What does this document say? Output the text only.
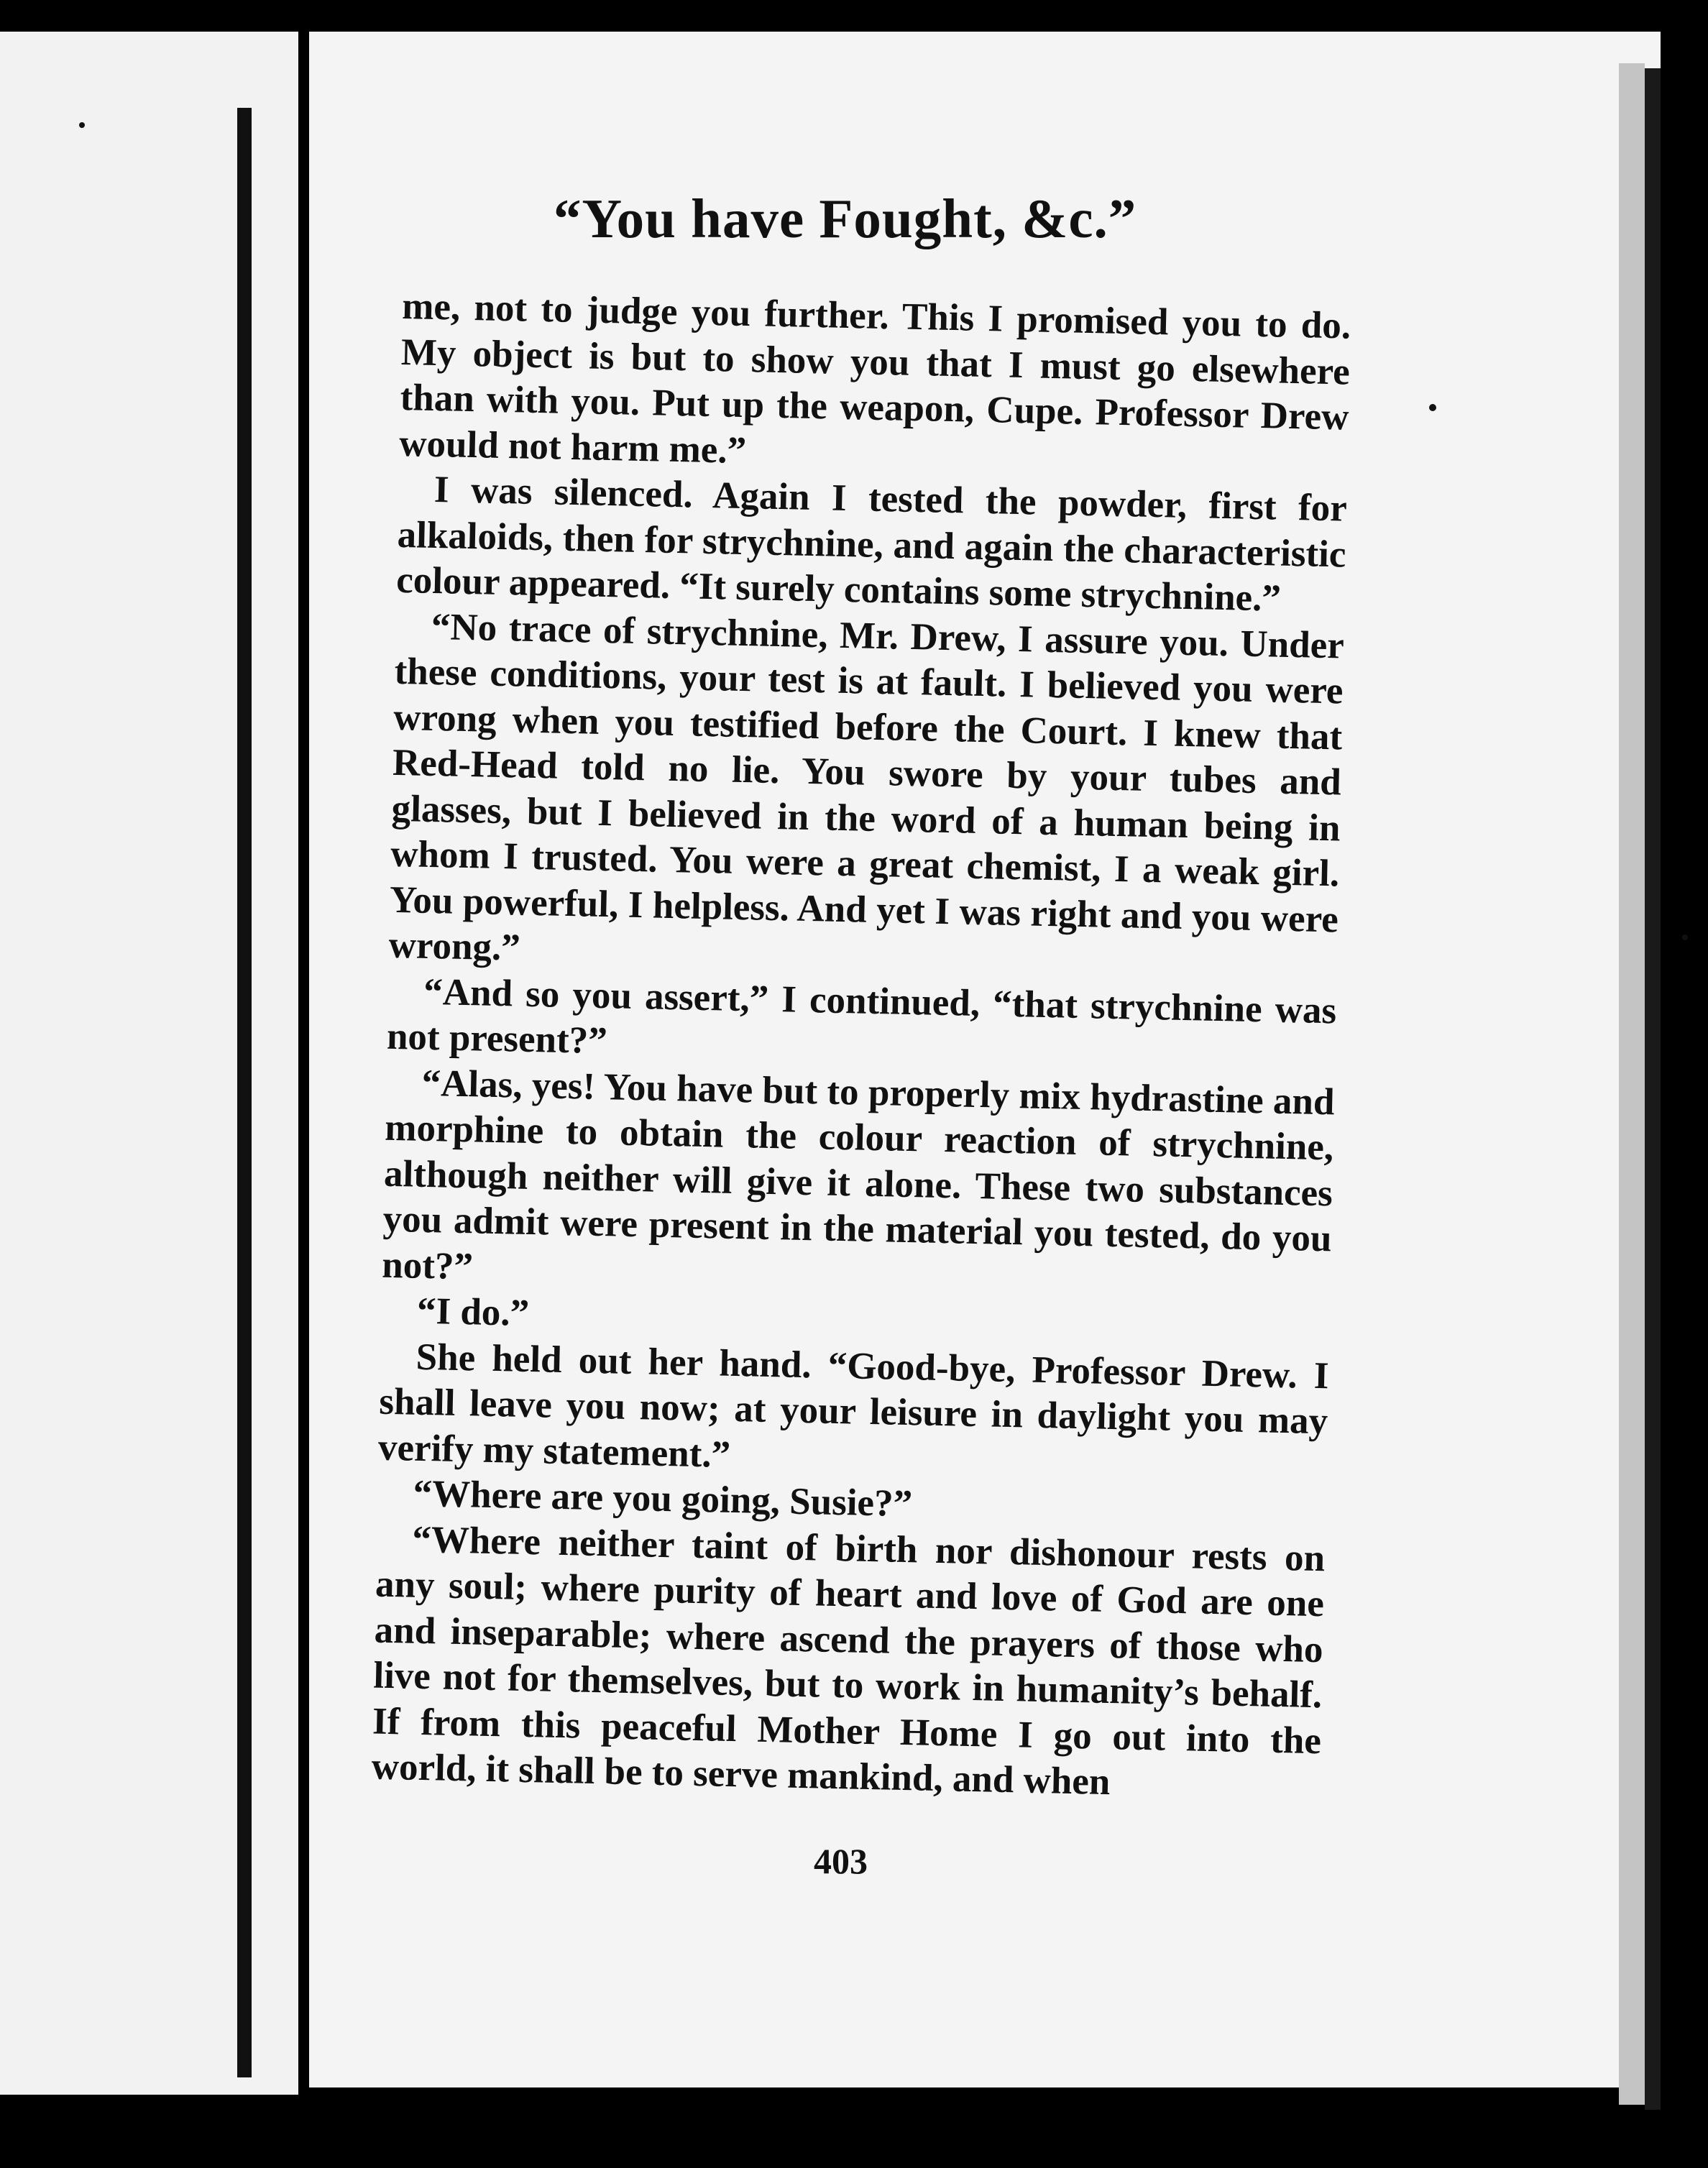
“You have Fought, &c.”

me, not to judge you further. This I promised you to do. My object is but to show you that I must go elsewhere than with you. Put up the weapon, Cupe. Professor Drew would not harm me.”

I was silenced. Again I tested the powder, first for alkaloids, then for strychnine, and again the characteristic colour appeared. “It surely contains some strychnine.”

“No trace of strychnine, Mr. Drew, I assure you. Under these conditions, your test is at fault. I believed you were wrong when you testified before the Court. I knew that Red-Head told no lie. You swore by your tubes and glasses, but I believed in the word of a human being in whom I trusted. You were a great chemist, I a weak girl. You powerful, I helpless. And yet I was right and you were wrong.”

“And so you assert,” I continued, “that strychnine was not present?”

“Alas, yes! You have but to properly mix hydrastine and morphine to obtain the colour reaction of strychnine, although neither will give it alone. These two substances you admit were present in the material you tested, do you not?”

“I do.”

She held out her hand. “Good-bye, Professor Drew. I shall leave you now; at your leisure in daylight you may verify my statement.”

“Where are you going, Susie?”

“Where neither taint of birth nor dishonour rests on any soul; where purity of heart and love of God are one and inseparable; where ascend the prayers of those who live not for themselves, but to work in humanity’s behalf. If from this peaceful Mother Home I go out into the world, it shall be to serve mankind, and when

403
